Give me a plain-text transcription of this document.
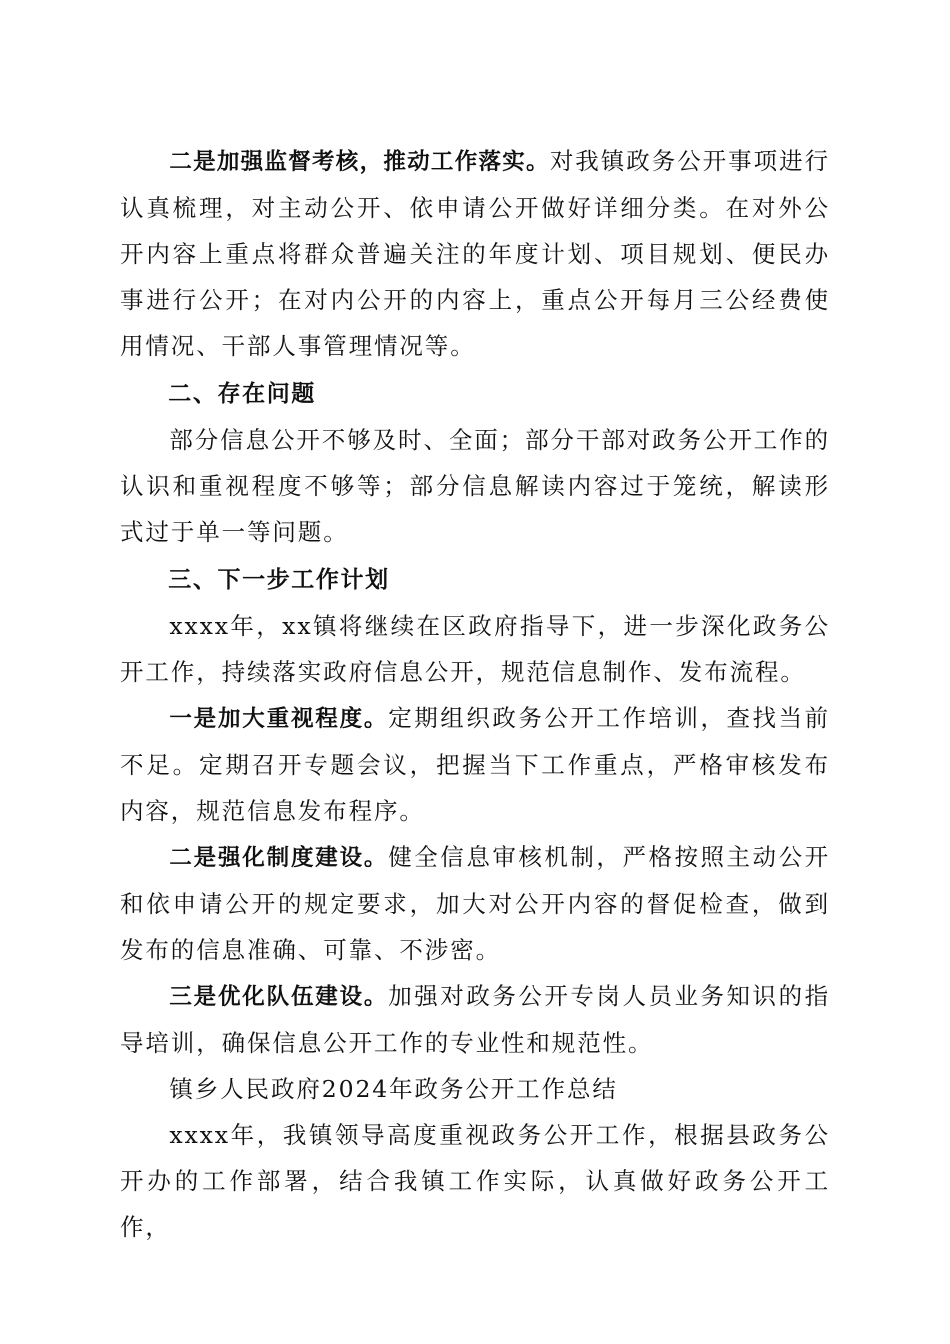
二是加强监督考核，推动工作落实。对我镇政务公开事项进行认真梳理，对主动公开、依申请公开做好详细分类。在对外公开内容上重点将群众普遍关注的年度计划、项目规划、便民办事进行公开；在对内公开的内容上，重点公开每月三公经费使用情况、干部人事管理情况等。

二、存在问题

部分信息公开不够及时、全面；部分干部对政务公开工作的认识和重视程度不够等；部分信息解读内容过于笼统，解读形式过于单一等问题。

三、下一步工作计划

xxxx年，xx镇将继续在区政府指导下，进一步深化政务公开工作，持续落实政府信息公开，规范信息制作、发布流程。

一是加大重视程度。定期组织政务公开工作培训，查找当前不足。定期召开专题会议，把握当下工作重点，严格审核发布内容，规范信息发布程序。

二是强化制度建设。健全信息审核机制，严格按照主动公开和依申请公开的规定要求，加大对公开内容的督促检查，做到发布的信息准确、可靠、不涉密。

三是优化队伍建设。加强对政务公开专岗人员业务知识的指导培训，确保信息公开工作的专业性和规范性。

镇乡人民政府2024年政务公开工作总结

xxxx年，我镇领导高度重视政务公开工作，根据县政务公开办的工作部署，结合我镇工作实际，认真做好政务公开工作，
